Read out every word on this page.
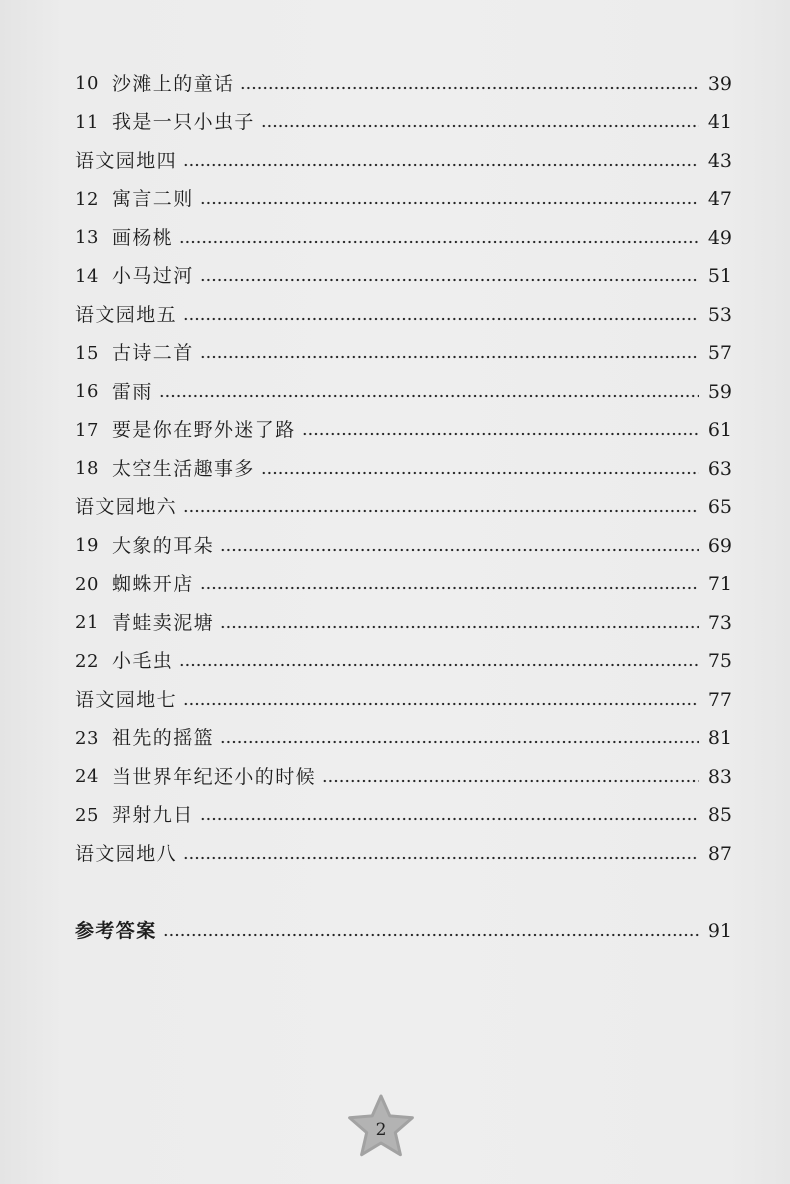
10 沙滩上的童话	39
11 我是一只小虫子	41
语文园地四	43
12 寓言二则	47
13 画杨桃	49
14 小马过河	51
语文园地五	53
15 古诗二首	57
16 雷雨	59
17 要是你在野外迷了路	61
18 太空生活趣事多	63
语文园地六	65
19 大象的耳朵	69
20 蜘蛛开店	71
21 青蛙卖泥塘	73
22 小毛虫	75
语文园地七	77
23 祖先的摇篮	81
24 当世界年纪还小的时候	83
25 羿射九日	85
语文园地八	87
参考答案	91
2
